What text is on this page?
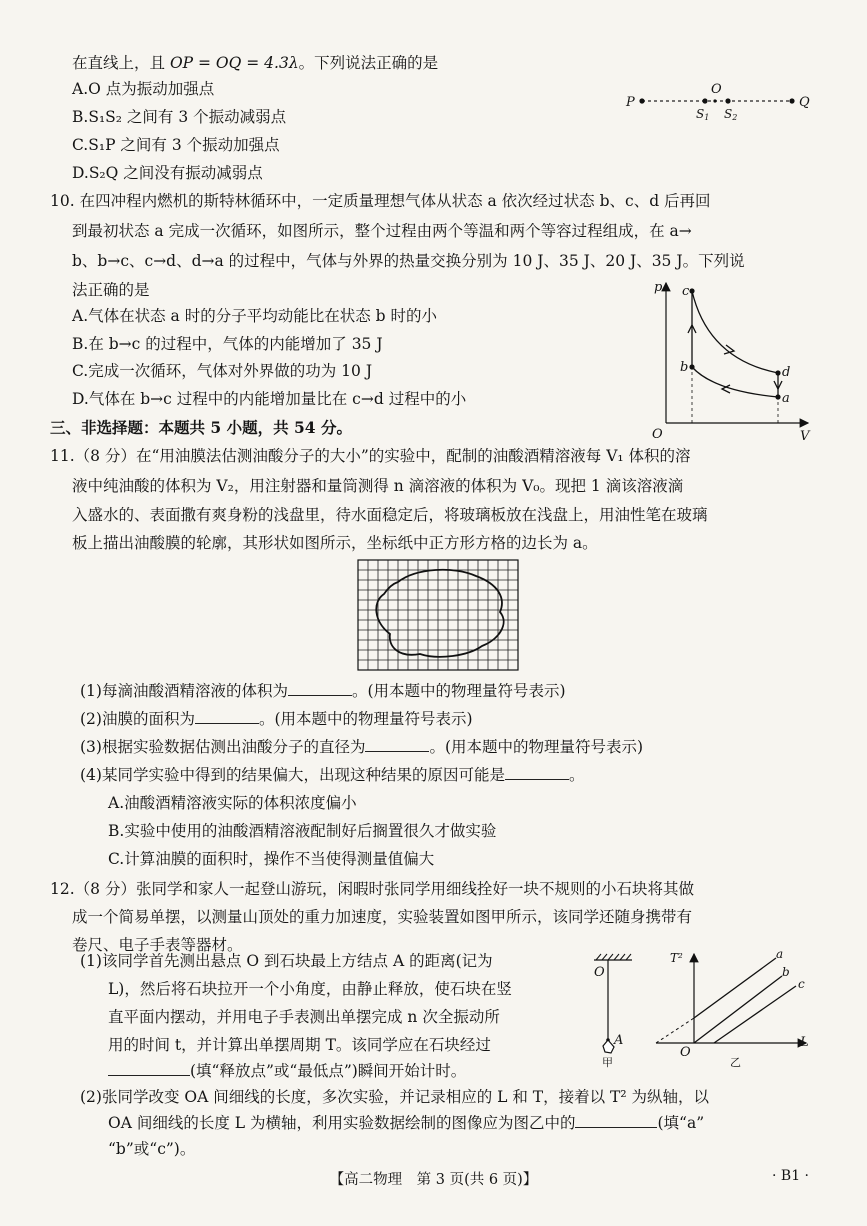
在直线上，且 OP = OQ = 4.3λ。下列说法正确的是
A.O 点为振动加强点
B.S₁S₂ 之间有 3 个振动减弱点
C.S₁P 之间有 3 个振动加强点
D.S₂Q 之间没有振动减弱点
P
O
S1 S2
Q
10. 在四冲程内燃机的斯特林循环中，一定质量理想气体从状态 a 依次经过状态 b、c、d 后再回
到最初状态 a 完成一次循环，如图所示，整个过程由两个等温和两个等容过程组成，在 a→
b、b→c、c→d、d→a 的过程中，气体与外界的热量交换分别为 10 J、35 J、20 J、35 J。下列说
法正确的是
A.气体在状态 a 时的分子平均动能比在状态 b 时的小
B.在 b→c 的过程中，气体的内能增加了 35 J
C.完成一次循环，气体对外界做的功为 10 J
D.气体在 b→c 过程中的内能增加量比在 c→d 过程中的小
p
V
O
c
b	d
a
三、非选择题：本题共 5 小题，共 54 分。
11.（8 分）在“用油膜法估测油酸分子的大小”的实验中，配制的油酸酒精溶液每 V₁ 体积的溶
液中纯油酸的体积为 V₂，用注射器和量筒测得 n 滴溶液的体积为 V₀。现把 1 滴该溶液滴
入盛水的、表面撒有爽身粉的浅盘里，待水面稳定后，将玻璃板放在浅盘上，用油性笔在玻璃
板上描出油酸膜的轮廓，其形状如图所示，坐标纸中正方形方格的边长为 a。
(1)每滴油酸酒精溶液的体积为	。(用本题中的物理量符号表示)
(2)油膜的面积为	。(用本题中的物理量符号表示)
(3)根据实验数据估测出油酸分子的直径为	。(用本题中的物理量符号表示)
(4)某同学实验中得到的结果偏大，出现这种结果的原因可能是	。
A.油酸酒精溶液实际的体积浓度偏小
B.实验中使用的油酸酒精溶液配制好后搁置很久才做实验
C.计算油膜的面积时，操作不当使得测量值偏大
12.（8 分）张同学和家人一起登山游玩，闲暇时张同学用细线拴好一块不规则的小石块将其做
成一个简易单摆，以测量山顶处的重力加速度，实验装置如图甲所示，该同学还随身携带有
卷尺、电子手表等器材。
(1)该同学首先测出悬点 O 到石块最上方结点 A 的距离(记为
L)，然后将石块拉开一个小角度，由静止释放，使石块在竖
直平面内摆动，并用电子手表测出单摆完成 n 次全振动所
用的时间 t，并计算出单摆周期 T。该同学应在石块经过
(填“释放点”或“最低点”)瞬间开始计时。
(2)张同学改变 OA 间细线的长度，多次实验，并记录相应的 L 和 T，接着以 T² 为纵轴，以
OA 间细线的长度 L 为横轴，利用实验数据绘制的图像应为图乙中的	(填“a”
“b”或“c”)。
O
A
甲
T²
L
O
a
b
c
乙
【高二物理　第 3 页(共 6 页)】	· B1 ·
